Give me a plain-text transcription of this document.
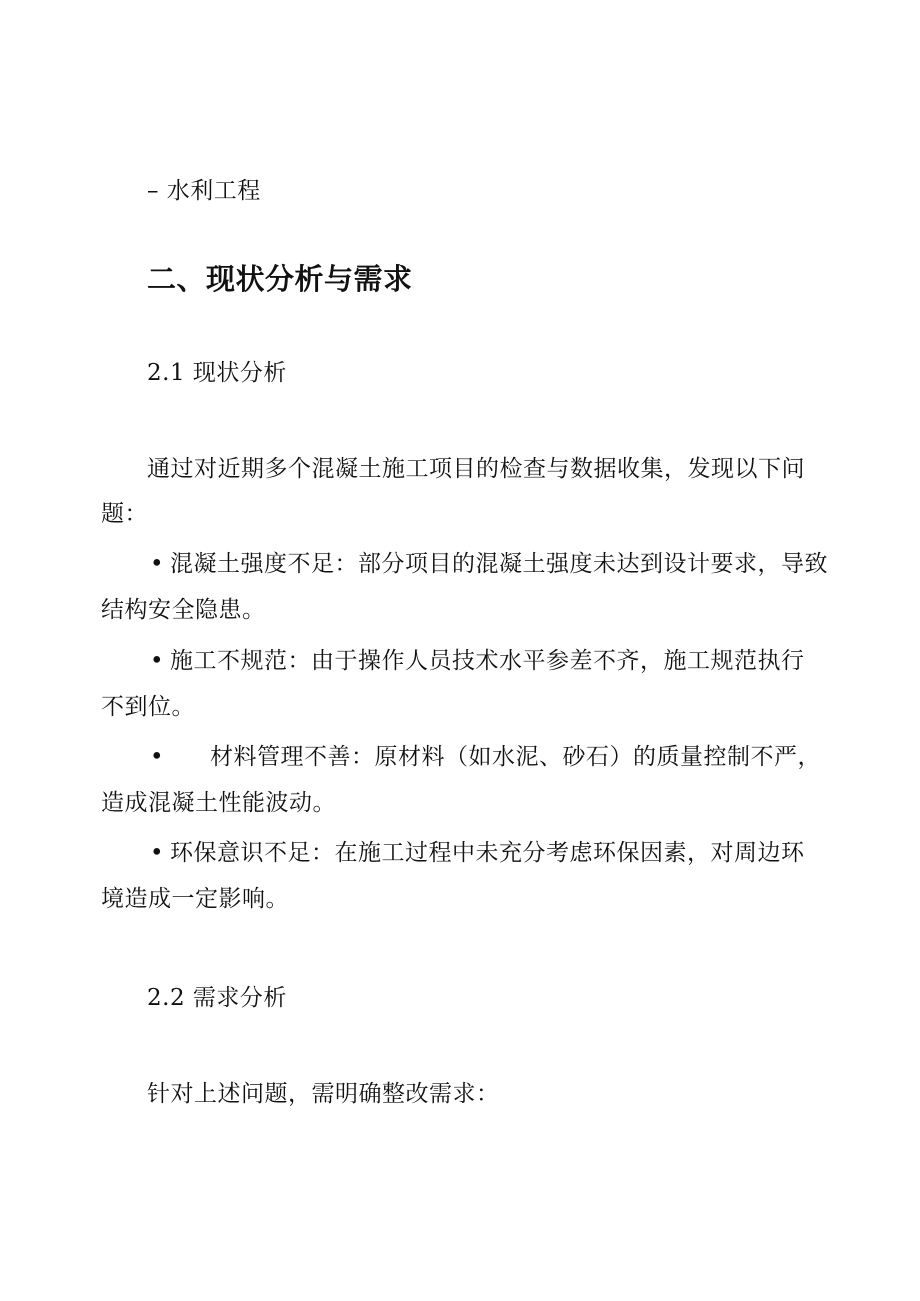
– 水利工程
二、现状分析与需求
2.1 现状分析
通过对近期多个混凝土施工项目的检查与数据收集，发现以下问
题：
• 混凝土强度不足：部分项目的混凝土强度未达到设计要求，导致
结构安全隐患。
• 施工不规范：由于操作人员技术水平参差不齐，施工规范执行
不到位。
• 材料管理不善：原材料（如水泥、砂石）的质量控制不严，
造成混凝土性能波动。
• 环保意识不足：在施工过程中未充分考虑环保因素，对周边环
境造成一定影响。
2.2 需求分析
针对上述问题，需明确整改需求：
